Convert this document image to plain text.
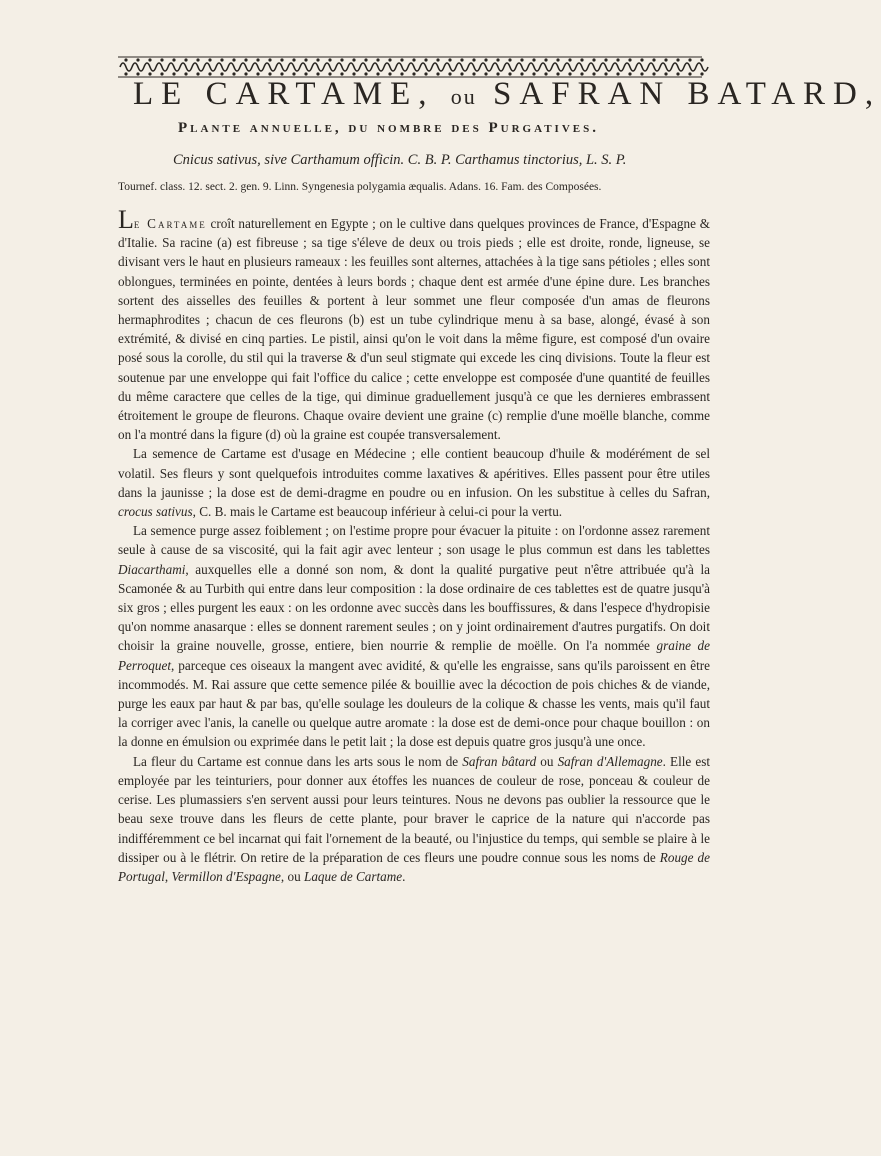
LE CARTAME, ou SAFRAN BATARD,
Plante annuelle, du nombre des Purgatives.
Cnicus sativus, sive Carthamum officin. C. B. P. Carthamus tinctorius, L. S. P.
Tournef. class. 12. sect. 2. gen. 9. Linn. Syngenesia polygamia æqualis. Adans. 16. Fam. des Composées.

Le Cartame croît naturellement en Egypte ; on le cultive dans quelques provinces de France, d'Espagne & d'Italie. Sa racine (a) est fibreuse ; sa tige s'éleve de deux ou trois pieds ; elle est droite, ronde, ligneuse, se divisant vers le haut en plusieurs rameaux : les feuilles sont alternes, attachées à la tige sans pétioles ; elles sont oblongues, terminées en pointe, dentées à leurs bords ; chaque dent est armée d'une épine dure. Les branches sortent des aisselles des feuilles & portent à leur sommet une fleur composée d'un amas de fleurons hermaphrodites ; chacun de ces fleurons (b) est un tube cylindrique menu à sa base, alongé, évasé à son extrémité, & divisé en cinq parties. Le pistil, ainsi qu'on le voit dans la même figure, est composé d'un ovaire posé sous la corolle, du stil qui la traverse & d'un seul stigmate qui excede les cinq divisions. Toute la fleur est soutenue par une enveloppe qui fait l'office du calice ; cette enveloppe est composée d'une quantité de feuilles du même caractere que celles de la tige, qui diminue graduellement jusqu'à ce que les dernieres embrassent étroitement le groupe de fleurons. Chaque ovaire devient une graine (c) remplie d'une moëlle blanche, comme on l'a montré dans la figure (d) où la graine est coupée transversalement.

La semence de Cartame est d'usage en Médecine ; elle contient beaucoup d'huile & modérément de sel volatil. Ses fleurs y sont quelquefois introduites comme laxatives & apéritives. Elles passent pour être utiles dans la jaunisse ; la dose est de demi-dragme en poudre ou en infusion. On les substitue à celles du Safran, crocus sativus, C. B. mais le Cartame est beaucoup inférieur à celui-ci pour la vertu.

La semence purge assez foiblement ; on l'estime propre pour évacuer la pituite : on l'ordonne assez rarement seule à cause de sa viscosité, qui la fait agir avec lenteur ; son usage le plus commun est dans les tablettes Diacarthami, auxquelles elle a donné son nom, & dont la qualité purgative peut n'être attribuée qu'à la Scamonée & au Turbith qui entre dans leur composition : la dose ordinaire de ces tablettes est de quatre jusqu'à six gros ; elles purgent les eaux : on les ordonne avec succès dans les bouffissures, & dans l'espece d'hydropisie qu'on nomme anasarque : elles se donnent rarement seules ; on y joint ordinairement d'autres purgatifs. On doit choisir la graine nouvelle, grosse, entiere, bien nourrie & remplie de moëlle. On l'a nommée graine de Perroquet, parceque ces oiseaux la mangent avec avidité, & qu'elle les engraisse, sans qu'ils paroissent en être incommodés. M. Rai assure que cette semence pilée & bouillie avec la décoction de pois chiches & de viande, purge les eaux par haut & par bas, qu'elle soulage les douleurs de la colique & chasse les vents, mais qu'il faut la corriger avec l'anis, la canelle ou quelque autre aromate : la dose est de demi-once pour chaque bouillon : on la donne en émulsion ou exprimée dans le petit lait ; la dose est depuis quatre gros jusqu'à une once.

La fleur du Cartame est connue dans les arts sous le nom de Safran bâtard ou Safran d'Allemagne. Elle est employée par les teinturiers, pour donner aux étoffes les nuances de couleur de rose, ponceau & couleur de cerise. Les plumassiers s'en servent aussi pour leurs teintures. Nous ne devons pas oublier la ressource que le beau sexe trouve dans les fleurs de cette plante, pour braver le caprice de la nature qui n'accorde pas indifféremment ce bel incarnat qui fait l'ornement de la beauté, ou l'injustice du temps, qui semble se plaire à le dissiper ou à le flétrir. On retire de la préparation de ces fleurs une poudre connue sous les noms de Rouge de Portugal, Vermillon d'Espagne, ou Laque de Cartame.
